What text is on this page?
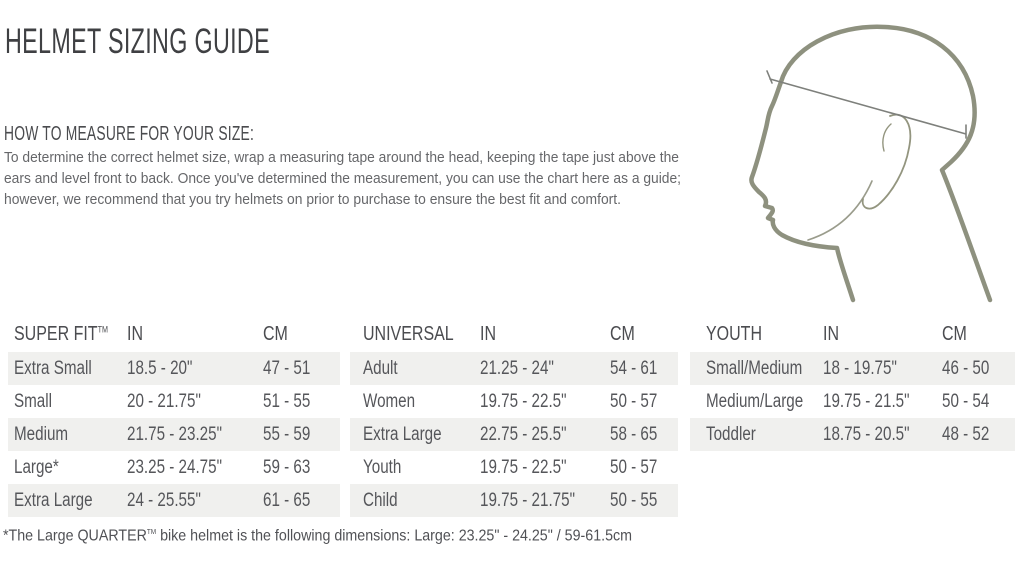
HELMET SIZING GUIDE
HOW TO MEASURE FOR YOUR SIZE:
To determine the correct helmet size, wrap a measuring tape around the head, keeping the tape just above the
ears and level front to back. Once you've determined the measurement, you can use the chart here as a guide;
however, we recommend that you try helmets on prior to purchase to ensure the best fit and comfort.
SUPER FIT™ IN	CM
Extra Small	18.5 - 20"	47 - 51
Small	20 - 21.75"	51 - 55
Medium	21.75 - 23.25"	55 - 59
Large*	23.25 - 24.75"	59 - 63
Extra Large	24 - 25.55"	61 - 65
UNIVERSAL	IN	CM
Adult	21.25 - 24"	54 - 61
Women	19.75 - 22.5"	50 - 57
Extra Large	22.75 - 25.5"	58 - 65
Youth	19.75 - 22.5"	50 - 57
Child	19.75 - 21.75"	50 - 55
YOUTH	IN	CM
Small/Medium	18 - 19.75"	46 - 50
Medium/Large	19.75 - 21.5"	50 - 54
Toddler	18.75 - 20.5"	48 - 52
*The Large QUARTER™ bike helmet is the following dimensions: Large: 23.25" - 24.25" / 59-61.5cm
